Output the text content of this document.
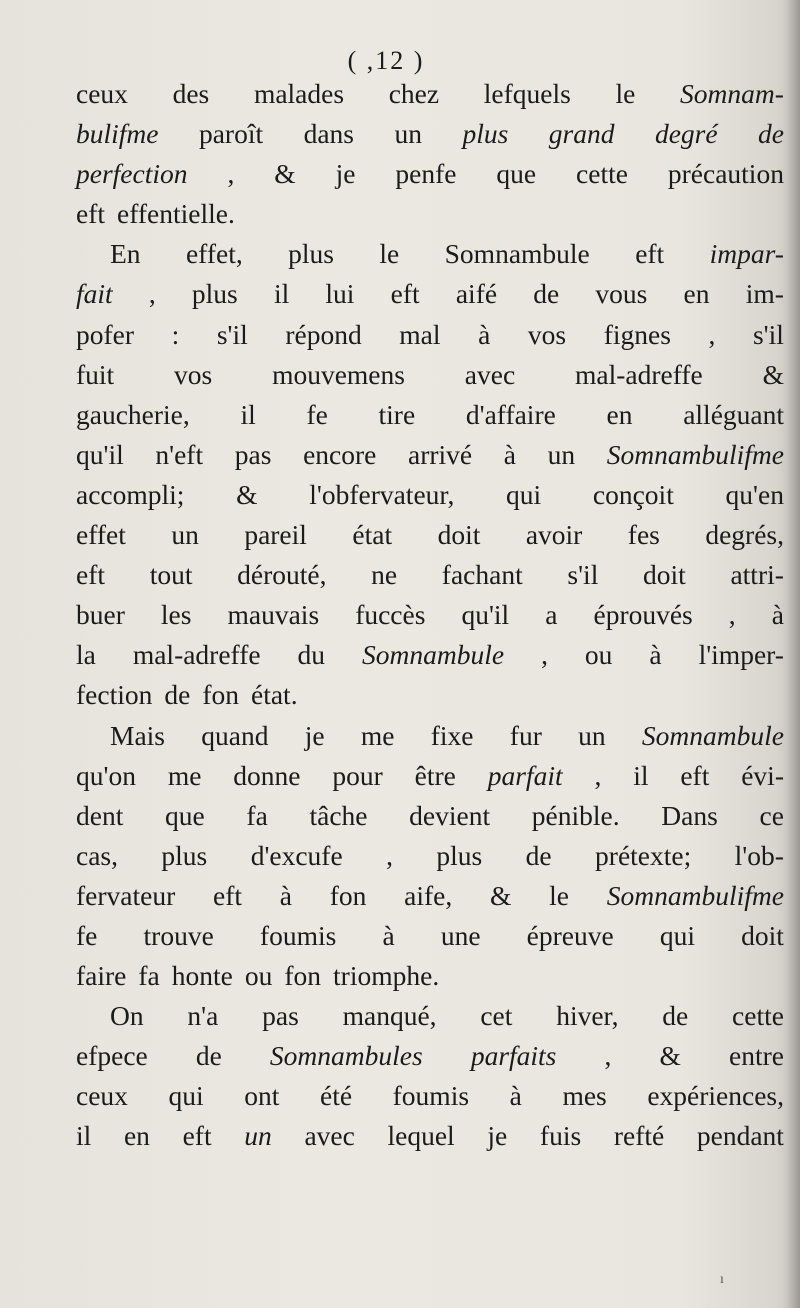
( ,12 )
ceux des malades chez lefquels le Somnam-
bulifme paroît dans un plus grand degré de
perfection , & je penfe que cette précaution
eft effentielle.
En effet, plus le Somnambule eft impar-
fait , plus il lui eft aifé de vous en im-
pofer : s'il répond mal à vos fignes , s'il
fuit vos mouvemens avec mal-adreffe &
gaucherie, il fe tire d'affaire en alléguant
qu'il n'eft pas encore arrivé à un Somnambulifme
accompli; & l'obfervateur, qui conçoit qu'en
effet un pareil état doit avoir fes degrés,
eft tout dérouté, ne fachant s'il doit attri-
buer les mauvais fuccès qu'il a éprouvés , à
la mal-adreffe du Somnambule , ou à l'imper-
fection de fon état.
Mais quand je me fixe fur un Somnambule
qu'on me donne pour être parfait , il eft évi-
dent que fa tâche devient pénible. Dans ce
cas, plus d'excufe , plus de prétexte; l'ob-
fervateur eft à fon aife, & le Somnambulifme
fe trouve foumis à une épreuve qui doit
faire fa honte ou fon triomphe.
On n'a pas manqué, cet hiver, de cette
efpece de Somnambules parfaits , & entre
ceux qui ont été foumis à mes expériences,
il en eft un avec lequel je fuis refté pendant
ı
